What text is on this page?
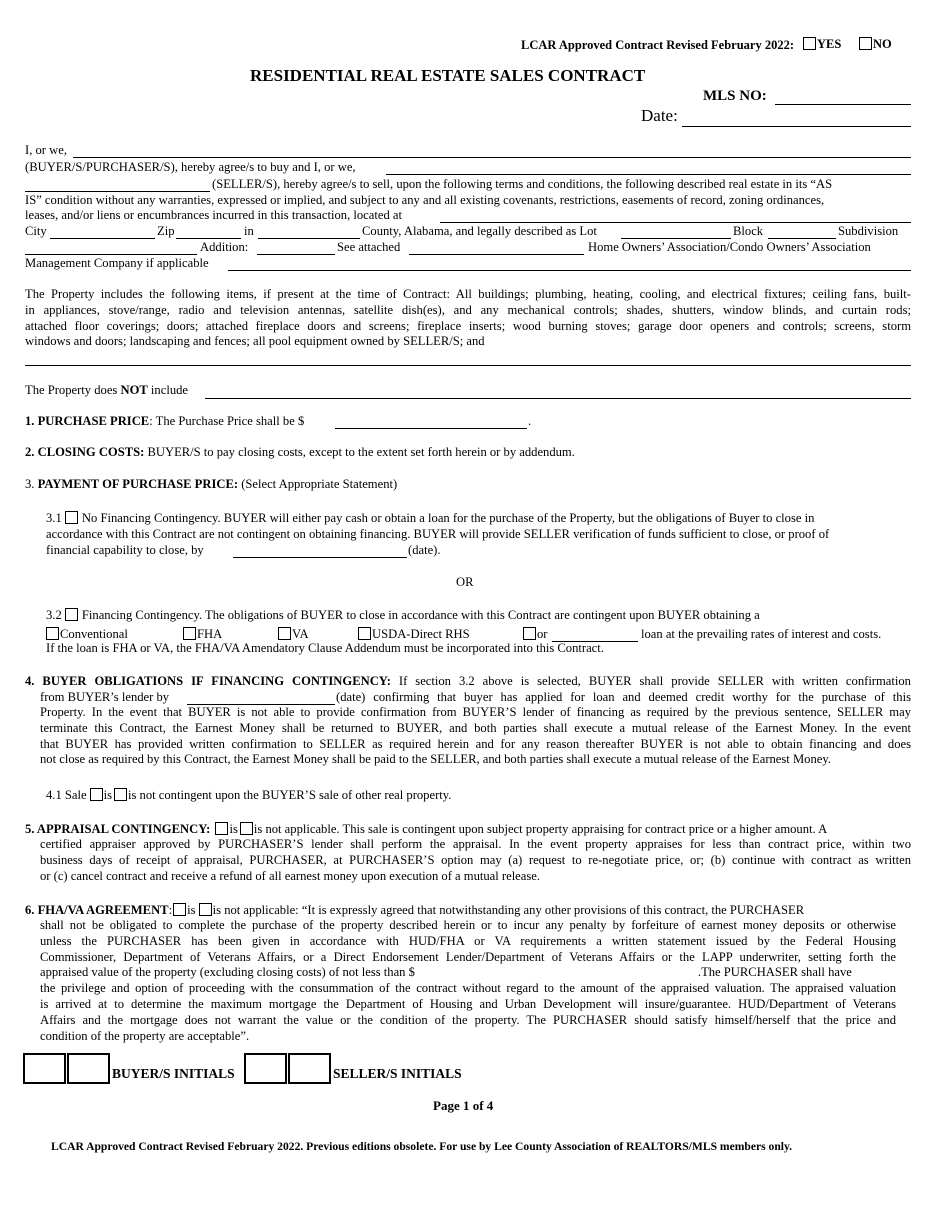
LCAR Approved Contract Revised February 2022:	YES	NO
RESIDENTIAL REAL ESTATE SALES CONTRACT
MLS NO:
Date:
I, or we,
(BUYER/S/PURCHASER/S), hereby agree/s to buy and I, or we,
(SELLER/S), hereby agree/s to sell, upon the following terms and conditions, the following described real estate in its “AS
IS” condition without any warranties, expressed or implied, and subject to any and all existing covenants, restrictions, easements of record, zoning ordinances,
leases, and/or liens or encumbrances incurred in this transaction, located at
City	Zip	in	County, Alabama, and legally described as Lot	Block	Subdivision
Addition:	See attached	Home Owners’ Association/Condo Owners’ Association
Management Company if applicable
The Property includes the following items, if present at the time of Contract: All buildings; plumbing, heating, cooling, and electrical fixtures; ceiling fans, built-
in appliances, stove/range, radio and television antennas, satellite dish(es), and any mechanical controls; shades, shutters, window blinds, and curtain rods;
attached floor coverings; doors; attached fireplace doors and screens; fireplace inserts; wood burning stoves; garage door openers and controls; screens, storm
windows and doors; landscaping and fences; all pool equipment owned by SELLER/S; and
The Property does NOT include
1. PURCHASE PRICE: The Purchase Price shall be $	.
2. CLOSING COSTS: BUYER/S to pay closing costs, except to the extent set forth herein or by addendum.
3. PAYMENT OF PURCHASE PRICE: (Select Appropriate Statement)
3.1 No Financing Contingency. BUYER will either pay cash or obtain a loan for the purchase of the Property, but the obligations of Buyer to close in
accordance with this Contract are not contingent on obtaining financing. BUYER will provide SELLER verification of funds sufficient to close, or proof of
financial capability to close, by	(date).
OR
3.2 Financing Contingency. The obligations of BUYER to close in accordance with this Contract are contingent upon BUYER obtaining a
Conventional	FHA	VA	USDA-Direct RHS	or	loan at the prevailing rates of interest and costs.
If the loan is FHA or VA, the FHA/VA Amendatory Clause Addendum must be incorporated into this Contract.
4. BUYER OBLIGATIONS IF FINANCING CONTINGENCY: If section 3.2 above is selected, BUYER shall provide SELLER with written confirmation
from BUYER’s lender by	(date) confirming that buyer has applied for loan and deemed credit worthy for the purchase of this
Property. In the event that BUYER is not able to provide confirmation from BUYER’S lender of financing as required by the previous sentence, SELLER may
terminate this Contract, the Earnest Money shall be returned to BUYER, and both parties shall execute a mutual release of the Earnest Money. In the event
that BUYER has provided written confirmation to SELLER as required herein and for any reason thereafter BUYER is not able to obtain financing and does
not close as required by this Contract, the Earnest Money shall be paid to the SELLER, and both parties shall execute a mutual release of the Earnest Money.
4.1 Sale is is not contingent upon the BUYER’S sale of other real property.
5. APPRAISAL CONTINGENCY: is is not applicable. This sale is contingent upon subject property appraising for contract price or a higher amount. A
certified appraiser approved by PURCHASER’S lender shall perform the appraisal. In the event property appraises for less than contract price, within two
business days of receipt of appraisal, PURCHASER, at PURCHASER’S option may (a) request to re-negotiate price, or; (b) continue with contract as written
or (c) cancel contract and receive a refund of all earnest money upon execution of a mutual release.
6. FHA/VA AGREEMENT: is is not applicable: “It is expressly agreed that notwithstanding any other provisions of this contract, the PURCHASER
shall not be obligated to complete the purchase of the property described herein or to incur any penalty by forfeiture of earnest money deposits or otherwise
unless the PURCHASER has been given in accordance with HUD/FHA or VA requirements a written statement issued by the Federal Housing
Commissioner, Department of Veterans Affairs, or a Direct Endorsement Lender/Department of Veterans Affairs or the LAPP underwriter, setting forth the
appraised value of the property (excluding closing costs) of not less than $	.The PURCHASER shall have
the privilege and option of proceeding with the consummation of the contract without regard to the amount of the appraised valuation. The appraised valuation
is arrived at to determine the maximum mortgage the Department of Housing and Urban Development will insure/guarantee. HUD/Department of Veterans
Affairs and the mortgage does not warrant the value or the condition of the property. The PURCHASER should satisfy himself/herself that the price and
condition of the property are acceptable”.
BUYER/S INITIALS	SELLER/S INITIALS
Page 1 of 4
LCAR Approved Contract Revised February 2022. Previous editions obsolete. For use by Lee County Association of REALTORS/MLS members only.
